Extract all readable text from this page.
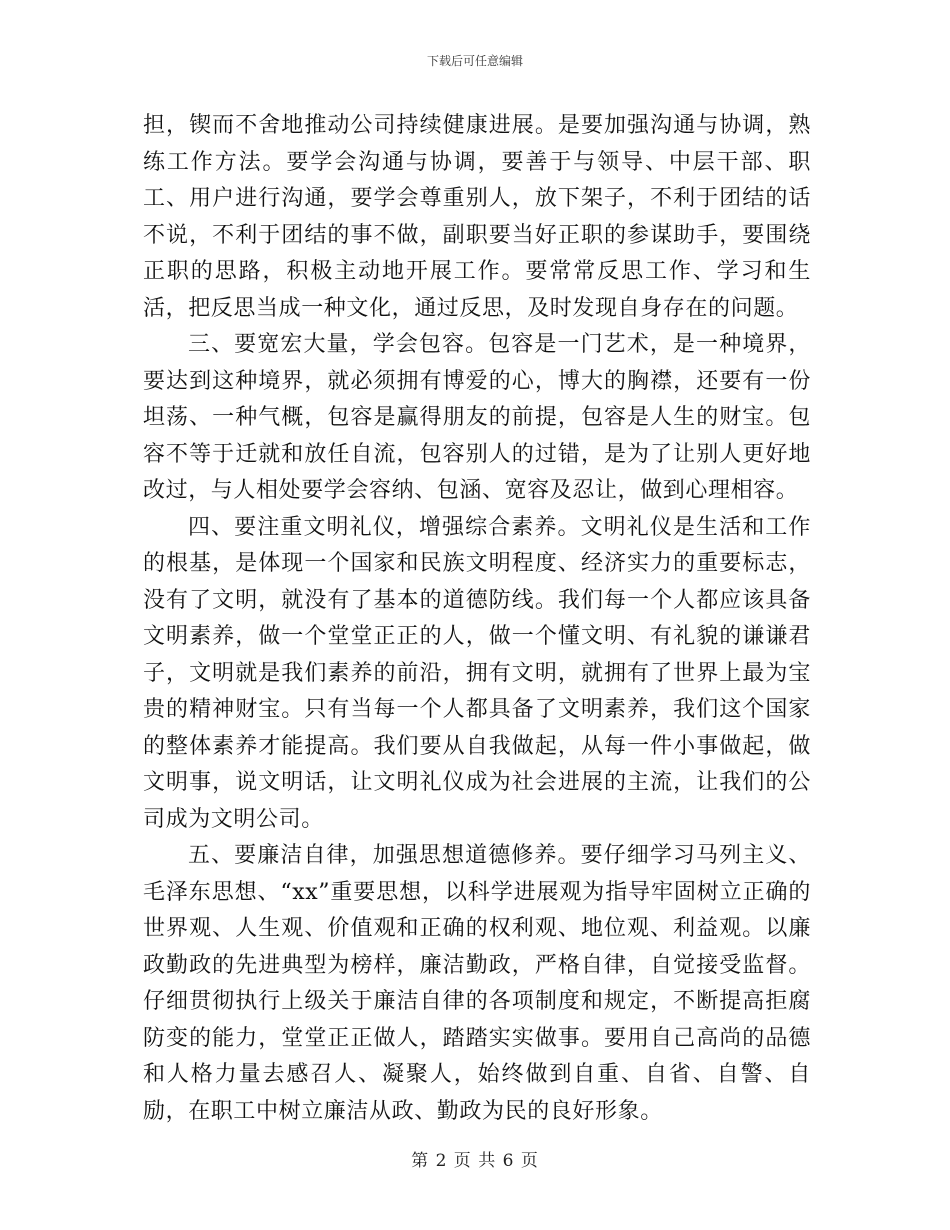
下载后可任意编辑

担，锲而不舍地推动公司持续健康进展。是要加强沟通与协调，熟练工作方法。要学会沟通与协调，要善于与领导、中层干部、职工、用户进行沟通，要学会尊重别人，放下架子，不利于团结的话不说，不利于团结的事不做，副职要当好正职的参谋助手，要围绕正职的思路，积极主动地开展工作。要常常反思工作、学习和生活，把反思当成一种文化，通过反思，及时发现自身存在的问题。

三、要宽宏大量，学会包容。包容是一门艺术，是一种境界，要达到这种境界，就必须拥有博爱的心，博大的胸襟，还要有一份坦荡、一种气概，包容是赢得朋友的前提，包容是人生的财宝。包容不等于迁就和放任自流，包容别人的过错，是为了让别人更好地改过，与人相处要学会容纳、包涵、宽容及忍让，做到心理相容。

四、要注重文明礼仪，增强综合素养。文明礼仪是生活和工作的根基，是体现一个国家和民族文明程度、经济实力的重要标志，没有了文明，就没有了基本的道德防线。我们每一个人都应该具备文明素养，做一个堂堂正正的人，做一个懂文明、有礼貌的谦谦君子，文明就是我们素养的前沿，拥有文明，就拥有了世界上最为宝贵的精神财宝。只有当每一个人都具备了文明素养，我们这个国家的整体素养才能提高。我们要从自我做起，从每一件小事做起，做文明事，说文明话，让文明礼仪成为社会进展的主流，让我们的公司成为文明公司。

五、要廉洁自律，加强思想道德修养。要仔细学习马列主义、毛泽东思想、“xx”重要思想，以科学进展观为指导牢固树立正确的世界观、人生观、价值观和正确的权利观、地位观、利益观。以廉政勤政的先进典型为榜样，廉洁勤政，严格自律，自觉接受监督。仔细贯彻执行上级关于廉洁自律的各项制度和规定，不断提高拒腐防变的能力，堂堂正正做人，踏踏实实做事。要用自己高尚的品德和人格力量去感召人、凝聚人，始终做到自重、自省、自警、自励，在职工中树立廉洁从政、勤政为民的良好形象。

第 2 页 共 6 页
